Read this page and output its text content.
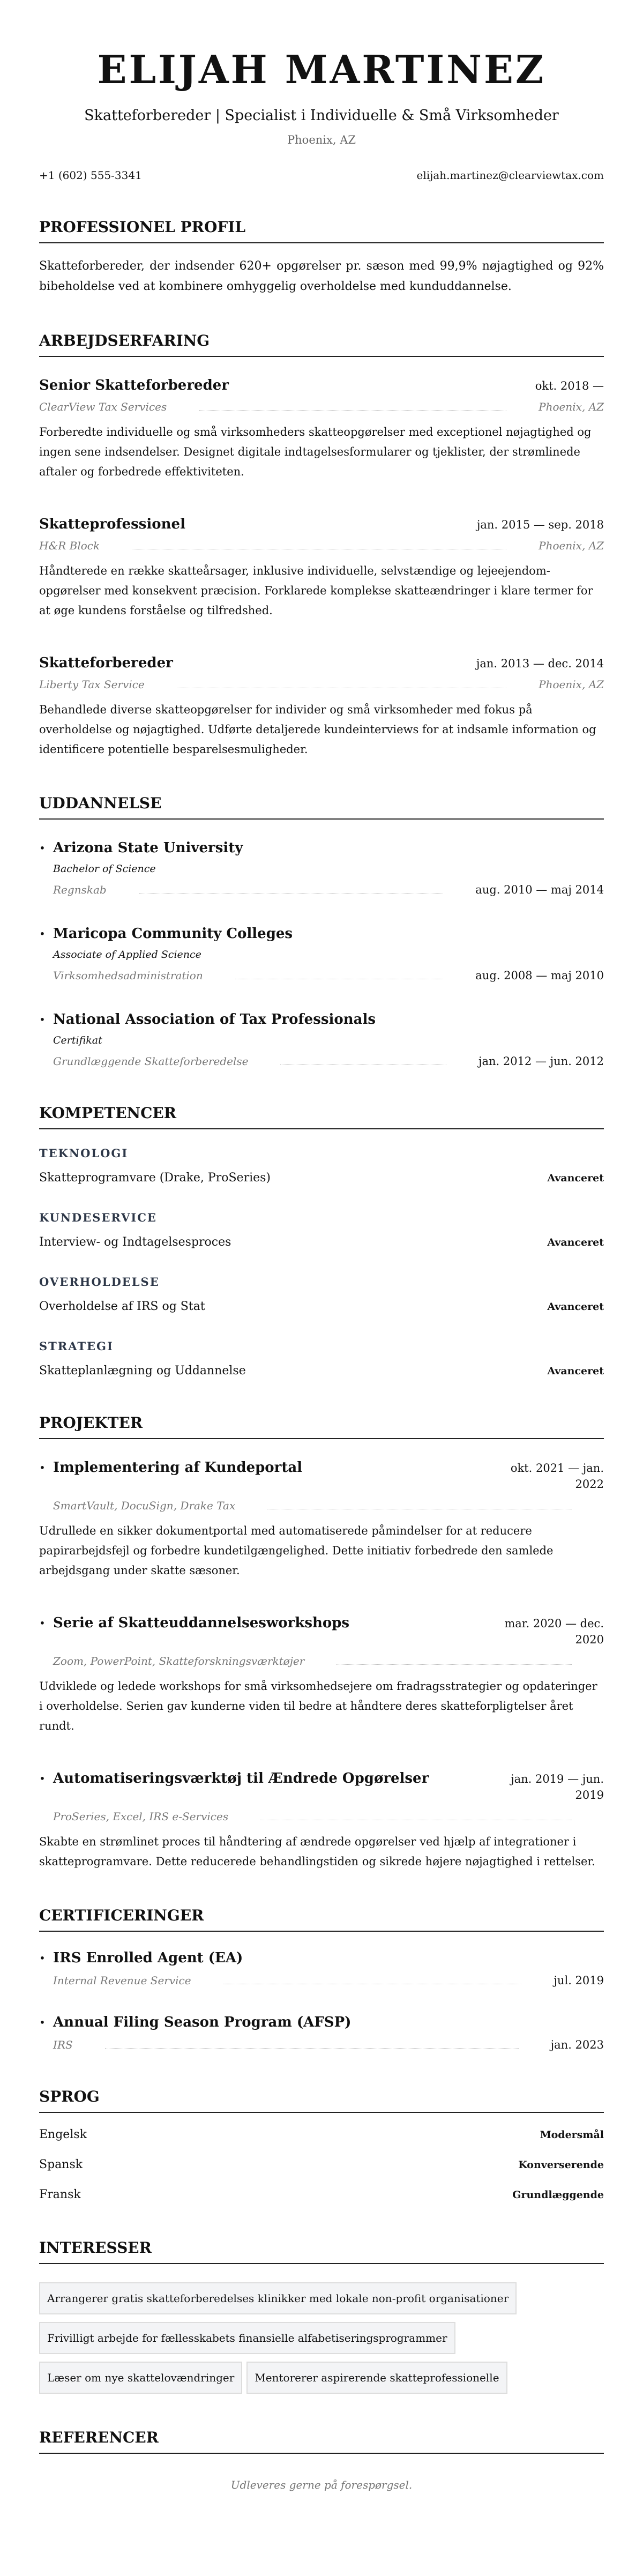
ELIJAH MARTINEZ
Skatteforbereder | Specialist i Individuelle & Små Virksomheder
Phoenix, AZ
+1 (602) 555-3341	elijah.martinez@clearviewtax.com
PROFESSIONEL PROFIL

Skatteforbereder, der indsender 620+ opgørelser pr. sæson med 99,9% nøjagtighed og 92% bibeholdelse ved at kombinere omhyggelig overholdelse med kunduddannelse.

ARBEJDSERFARING
Senior Skatteforbereder	okt. 2018 —
ClearView Tax Services	Phoenix, AZ

Forberedte individuelle og små virksomheders skatteopgørelser med exceptionel nøjagtighed og ingen sene indsendelser. Designet digitale indtagelsesformularer og tjeklister, der strømlinede aftaler og forbedrede effektiviteten.

Skatteprofessionel	jan. 2015 — sep. 2018
H&R Block	Phoenix, AZ

Håndterede en række skatteårsager, inklusive individuelle, selvstændige og lejeejendom-opgørelser med konsekvent præcision. Forklarede komplekse skatteændringer i klare termer for at øge kundens forståelse og tilfredshed.

Skatteforbereder	jan. 2013 — dec. 2014
Liberty Tax Service	Phoenix, AZ

Behandlede diverse skatteopgørelser for individer og små virksomheder med fokus på overholdelse og nøjagtighed. Udførte detaljerede kundeinterviews for at indsamle information og identificere potentielle besparelsesmuligheder.

UDDANNELSE
• Arizona State University
Bachelor of Science
Regnskab	aug. 2010 — maj 2014
• Maricopa Community Colleges
Associate of Applied Science
Virksomhedsadministration	aug. 2008 — maj 2010
• National Association of Tax Professionals
Certifikat
Grundlæggende Skatteforberedelse	jan. 2012 — jun. 2012
KOMPETENCER
TEKNOLOGI
Skatteprogramvare (Drake, ProSeries)	Avanceret
KUNDESERVICE
Interview- og Indtagelsesproces	Avanceret
OVERHOLDELSE
Overholdelse af IRS og Stat	Avanceret
STRATEGI
Skatteplanlægning og Uddannelse	Avanceret
PROJEKTER
• Implementering af Kundeportal	okt. 2021 — jan. 2022
SmartVault, DocuSign, Drake Tax

Udrullede en sikker dokumentportal med automatiserede påmindelser for at reducere papirarbejdsfejl og forbedre kundetilgængelighed. Dette initiativ forbedrede den samlede arbejdsgang under skatte sæsoner.

• Serie af Skatteuddannelsesworkshops	mar. 2020 — dec. 2020
Zoom, PowerPoint, Skatteforskningsværktøjer

Udviklede og ledede workshops for små virksomhedsejere om fradragsstrategier og opdateringer i overholdelse. Serien gav kunderne viden til bedre at håndtere deres skatteforpligtelser året rundt.

• Automatiseringsværktøj til Ændrede Opgørelser	jan. 2019 — jun. 2019
ProSeries, Excel, IRS e-Services

Skabte en strømlinet proces til håndtering af ændrede opgørelser ved hjælp af integrationer i skatteprogramvare. Dette reducerede behandlingstiden og sikrede højere nøjagtighed i rettelser.

CERTIFICERINGER
• IRS Enrolled Agent (EA)
Internal Revenue Service	jul. 2019
• Annual Filing Season Program (AFSP)
IRS	jan. 2023
SPROG
Engelsk	Modersmål
Spansk	Konverserende
Fransk	Grundlæggende
INTERESSER
Arrangerer gratis skatteforberedelses klinikker med lokale non-profit organisationer
Frivilligt arbejde for fællesskabets finansielle alfabetiseringsprogrammer
Læser om nye skattelovændringer	Mentorerer aspirerende skatteprofessionelle
REFERENCER
Udleveres gerne på forespørgsel.
